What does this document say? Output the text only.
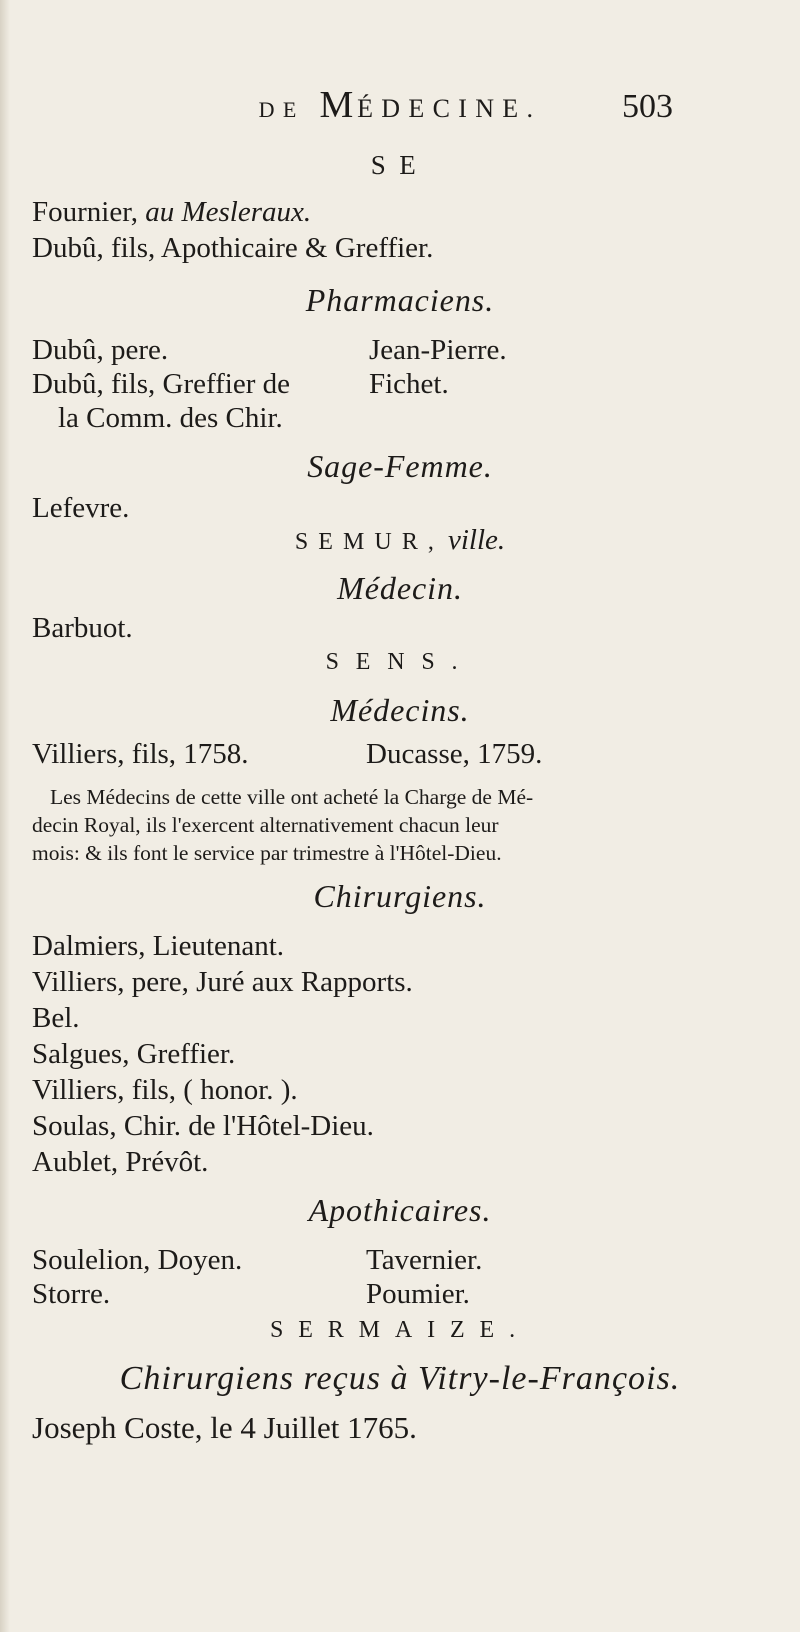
DE MÉDECINE.	503
SE
Fournier, au Mesleraux.
Dubû, fils, Apothicaire & Greffier.
Pharmaciens.
Dubû, pere.	Jean-Pierre.
Dubû, fils, Greffier de	Fichet.
la Comm. des Chir.
Sage-Femme.
Lefevre.
SEMUR, ville.
Médecin.
Barbuot.
SENS.
Médecins.
Villiers, fils, 1758.	Ducasse, 1759.
Les Médecins de cette ville ont acheté la Charge de Mé-
decin Royal, ils l'exercent alternativement chacun leur
mois: & ils font le service par trimestre à l'Hôtel-Dieu.
Chirurgiens.
Dalmiers, Lieutenant.
Villiers, pere, Juré aux Rapports.
Bel.
Salgues, Greffier.
Villiers, fils, ( honor. ).
Soulas, Chir. de l'Hôtel-Dieu.
Aublet, Prévôt.
Apothicaires.
Soulelion, Doyen.	Tavernier.
Storre.	Poumier.
SERMAIZE.
Chirurgiens reçus à Vitry-le-François.
Joseph Coste, le 4 Juillet 1765.
